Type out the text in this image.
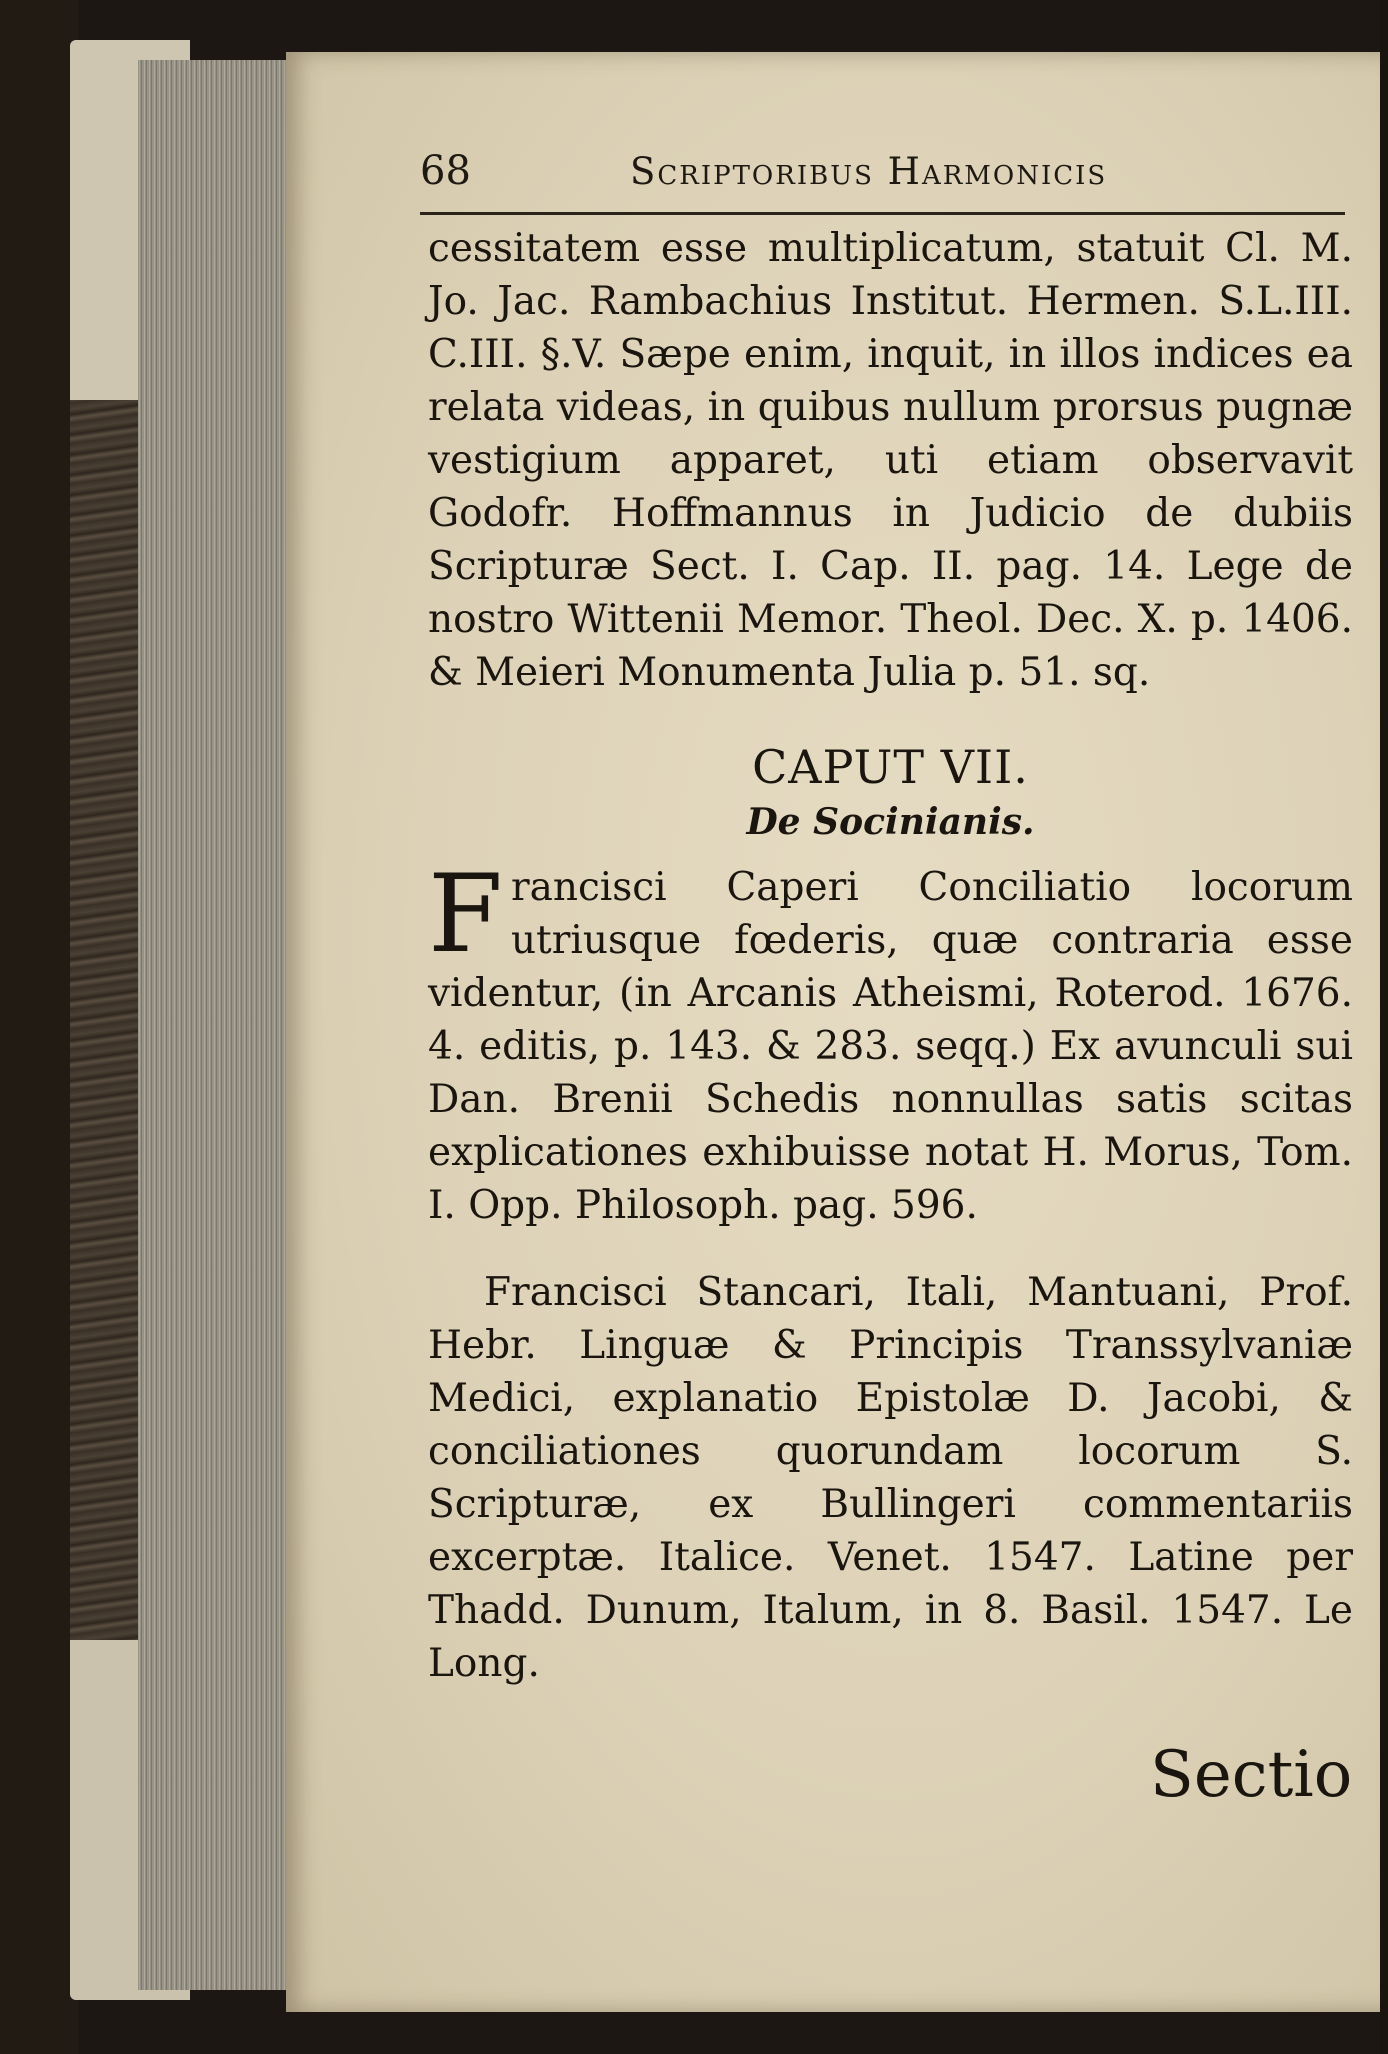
68	Scriptoribus Harmonicis

cessitatem esse multiplicatum, statuit Cl. M. Jo. Jac. Rambachius Institut. Hermen. S.L.III. C.III. §.V. Sæpe enim, inquit, in illos indices ea relata videas, in quibus nullum prorsus pugnæ vestigium apparet, uti etiam observavit Godofr. Hoffmannus in Judicio de dubiis Scripturæ Sect. I. Cap. II. pag. 14. Lege de nostro Wittenii Memor. Theol. Dec. X. p. 1406. & Meieri Monumenta Julia p. 51. sq.

CAPUT VII.
De Socinianis.

Francisci Caperi Conciliatio locorum utriusque fœderis, quæ contraria esse videntur, (in Arcanis Atheismi, Roterod. 1676. 4. editis, p. 143. & 283. seqq.) Ex avunculi sui Dan. Brenii Schedis nonnullas satis scitas explicationes exhibuisse notat H. Morus, Tom. I. Opp. Philosoph. pag. 596.

Francisci Stancari, Itali, Mantuani, Prof. Hebr. Linguæ & Principis Transsylvaniæ Medici, explanatio Epistolæ D. Jacobi, & conciliationes quorundam locorum S. Scripturæ, ex Bullingeri commentariis excerptæ. Italice. Venet. 1547. Latine per Thadd. Dunum, Italum, in 8. Basil. 1547. Le Long.

Sectio
